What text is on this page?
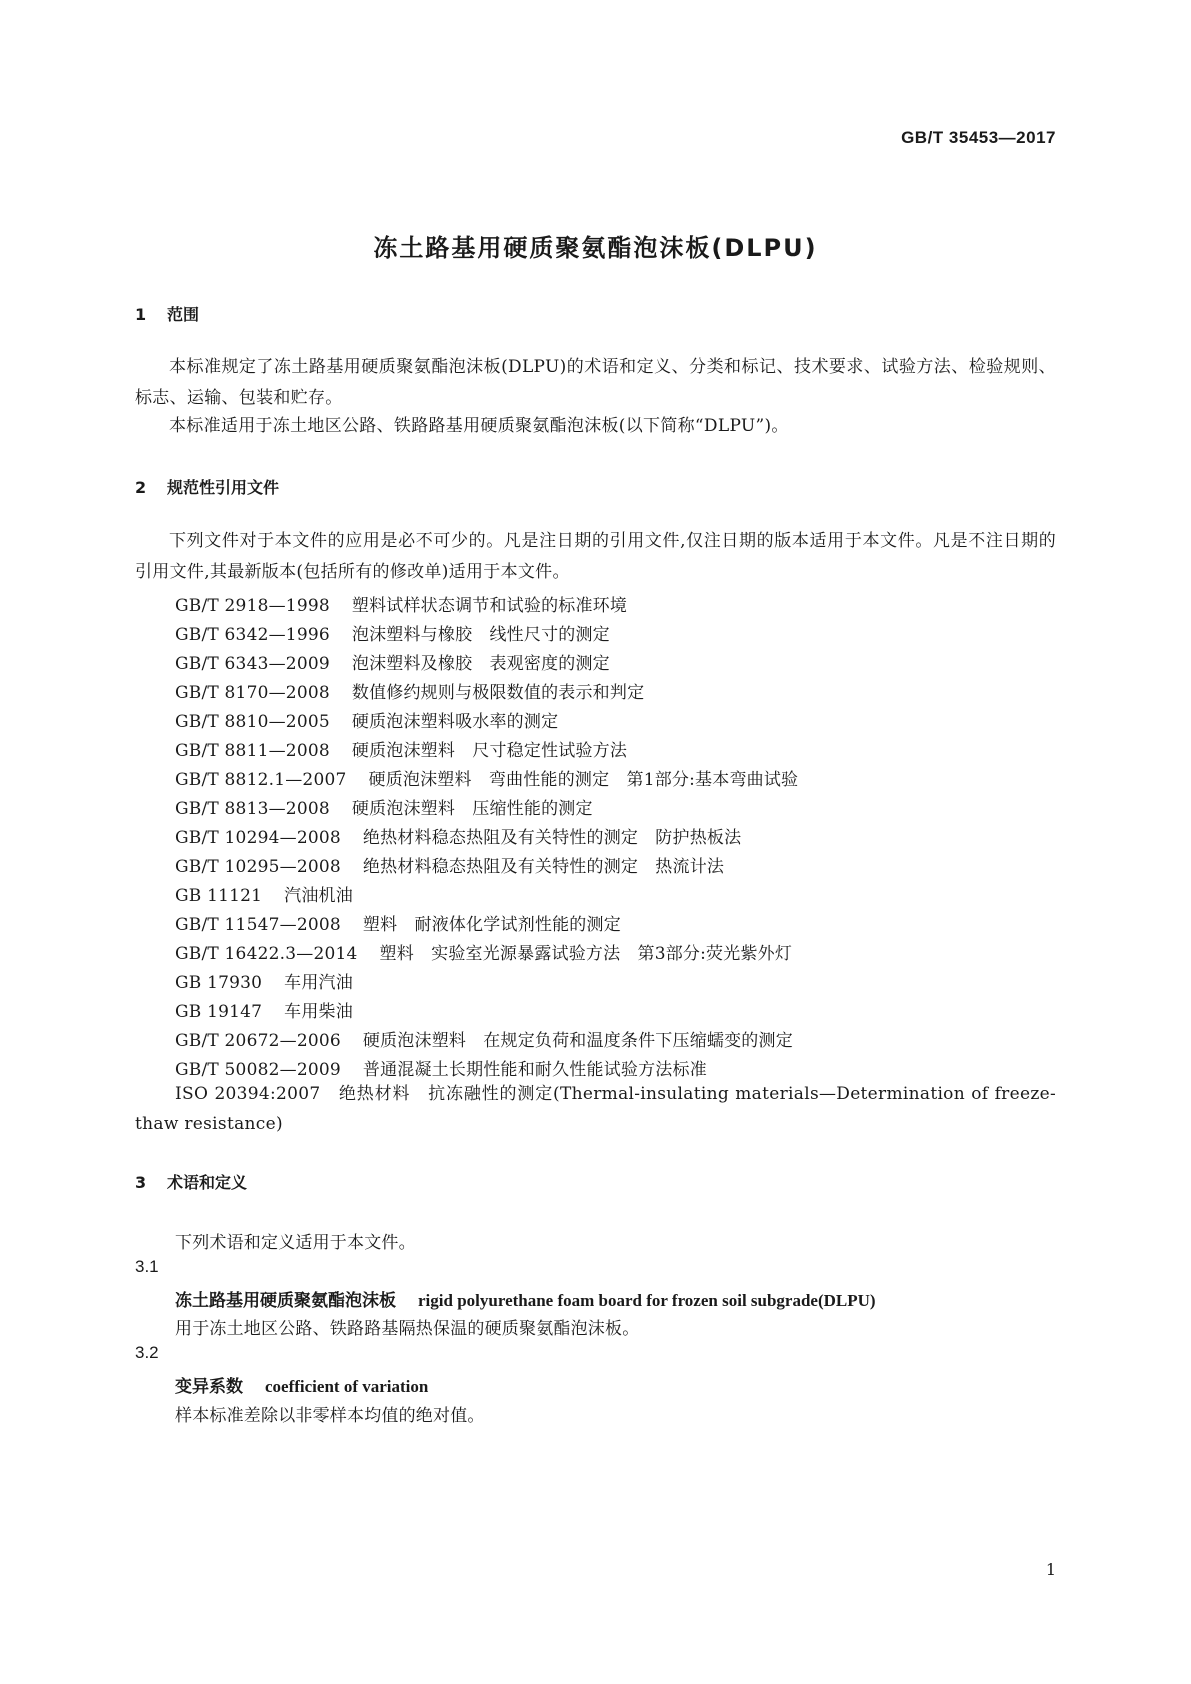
GB/T 35453—2017
冻土路基用硬质聚氨酯泡沫板(DLPU)
1 范围
本标准规定了冻土路基用硬质聚氨酯泡沫板(DLPU)的术语和定义、分类和标记、技术要求、试验方法、检验规则、标志、运输、包装和贮存。
本标准适用于冻土地区公路、铁路路基用硬质聚氨酯泡沫板(以下简称“DLPU”)。
2 规范性引用文件
下列文件对于本文件的应用是必不可少的。凡是注日期的引用文件,仅注日期的版本适用于本文件。凡是不注日期的引用文件,其最新版本(包括所有的修改单)适用于本文件。
GB/T 2918—1998 塑料试样状态调节和试验的标准环境
GB/T 6342—1996 泡沫塑料与橡胶　线性尺寸的测定
GB/T 6343—2009 泡沫塑料及橡胶　表观密度的测定
GB/T 8170—2008 数值修约规则与极限数值的表示和判定
GB/T 8810—2005 硬质泡沫塑料吸水率的测定
GB/T 8811—2008 硬质泡沫塑料　尺寸稳定性试验方法
GB/T 8812.1—2007 硬质泡沫塑料　弯曲性能的测定　第1部分:基本弯曲试验
GB/T 8813—2008 硬质泡沫塑料　压缩性能的测定
GB/T 10294—2008 绝热材料稳态热阻及有关特性的测定　防护热板法
GB/T 10295—2008 绝热材料稳态热阻及有关特性的测定　热流计法
GB 11121 汽油机油
GB/T 11547—2008 塑料　耐液体化学试剂性能的测定
GB/T 16422.3—2014 塑料　实验室光源暴露试验方法　第3部分:荧光紫外灯
GB 17930 车用汽油
GB 19147 车用柴油
GB/T 20672—2006 硬质泡沫塑料　在规定负荷和温度条件下压缩蠕变的测定
GB/T 50082—2009 普通混凝土长期性能和耐久性能试验方法标准
ISO 20394:2007　绝热材料　抗冻融性的测定(Thermal-insulating materials—Determination of freeze-thaw resistance)
3 术语和定义
下列术语和定义适用于本文件。
3.1
冻土路基用硬质聚氨酯泡沫板 rigid polyurethane foam board for frozen soil subgrade(DLPU)
用于冻土地区公路、铁路路基隔热保温的硬质聚氨酯泡沫板。
3.2
变异系数 coefficient of variation
样本标准差除以非零样本均值的绝对值。
1
